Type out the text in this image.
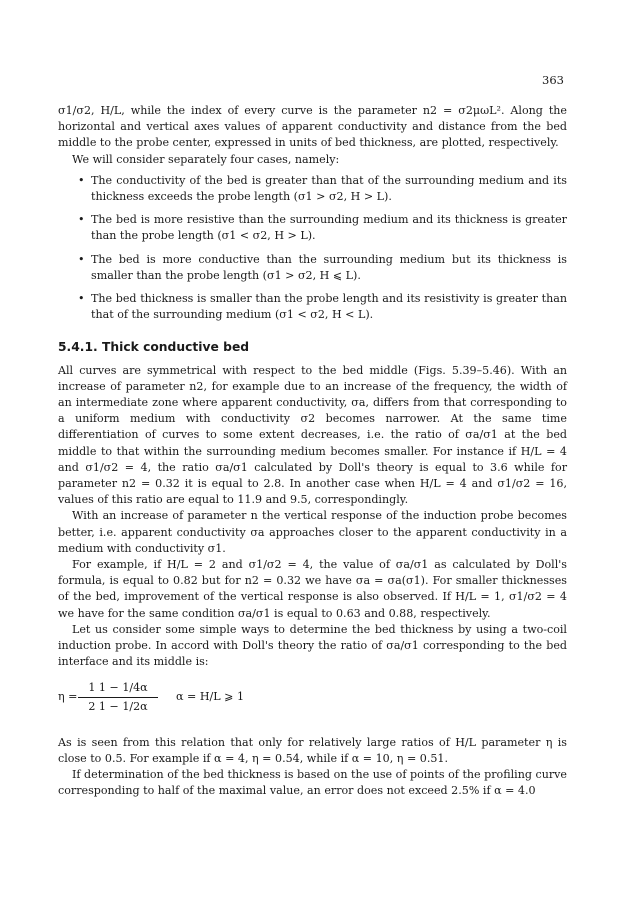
363

σ1/σ2, H/L, while the index of every curve is the parameter n2 = σ2μωL². Along the horizontal and vertical axes values of apparent conductivity and distance from the bed middle to the probe center, expressed in units of bed thickness, are plotted, respectively.

We will consider separately four cases, namely:

• The conductivity of the bed is greater than that of the surrounding medium and its thickness exceeds the probe length (σ1 > σ2, H > L).
• The bed is more resistive than the surrounding medium and its thickness is greater than the probe length (σ1 < σ2, H > L).
• The bed is more conductive than the surrounding medium but its thickness is smaller than the probe length (σ1 > σ2, H ⩽ L).
• The bed thickness is smaller than the probe length and its resistivity is greater than that of the surrounding medium (σ1 < σ2, H < L).
5.4.1. Thick conductive bed

All curves are symmetrical with respect to the bed middle (Figs. 5.39–5.46). With an increase of parameter n2, for example due to an increase of the frequency, the width of an intermediate zone where apparent conductivity, σa, differs from that corresponding to a uniform medium with conductivity σ2 becomes narrower. At the same time differentiation of curves to some extent decreases, i.e. the ratio of σa/σ1 at the bed middle to that within the surrounding medium becomes smaller. For instance if H/L = 4 and σ1/σ2 = 4, the ratio σa/σ1 calculated by Doll's theory is equal to 3.6 while for parameter n2 = 0.32 it is equal to 2.8. In another case when H/L = 4 and σ1/σ2 = 16, values of this ratio are equal to 11.9 and 9.5, correspondingly.

With an increase of parameter n the vertical response of the induction probe becomes better, i.e. apparent conductivity σa approaches closer to the apparent conductivity in a medium with conductivity σ1.

For example, if H/L = 2 and σ1/σ2 = 4, the value of σa/σ1 as calculated by Doll's formula, is equal to 0.82 but for n2 = 0.32 we have σa = σa(σ1). For smaller thicknesses of the bed, improvement of the vertical response is also observed. If H/L = 1, σ1/σ2 = 4 we have for the same condition σa/σ1 is equal to 0.63 and 0.88, respectively.

Let us consider some simple ways to determine the bed thickness by using a two-coil induction probe. In accord with Doll's theory the ratio of σa/σ1 corresponding to the bed interface and its middle is:

$\eta = \frac{1 1 - 1/4\alpha}{2 1 - 1/2\alpha}$ α = H/L ⩾ 1

As is seen from this relation that only for relatively large ratios of H/L parameter η is close to 0.5. For example if α = 4, η = 0.54, while if α = 10, η = 0.51.

If determination of the bed thickness is based on the use of points of the profiling curve corresponding to half of the maximal value, an error does not exceed 2.5% if α = 4.0
